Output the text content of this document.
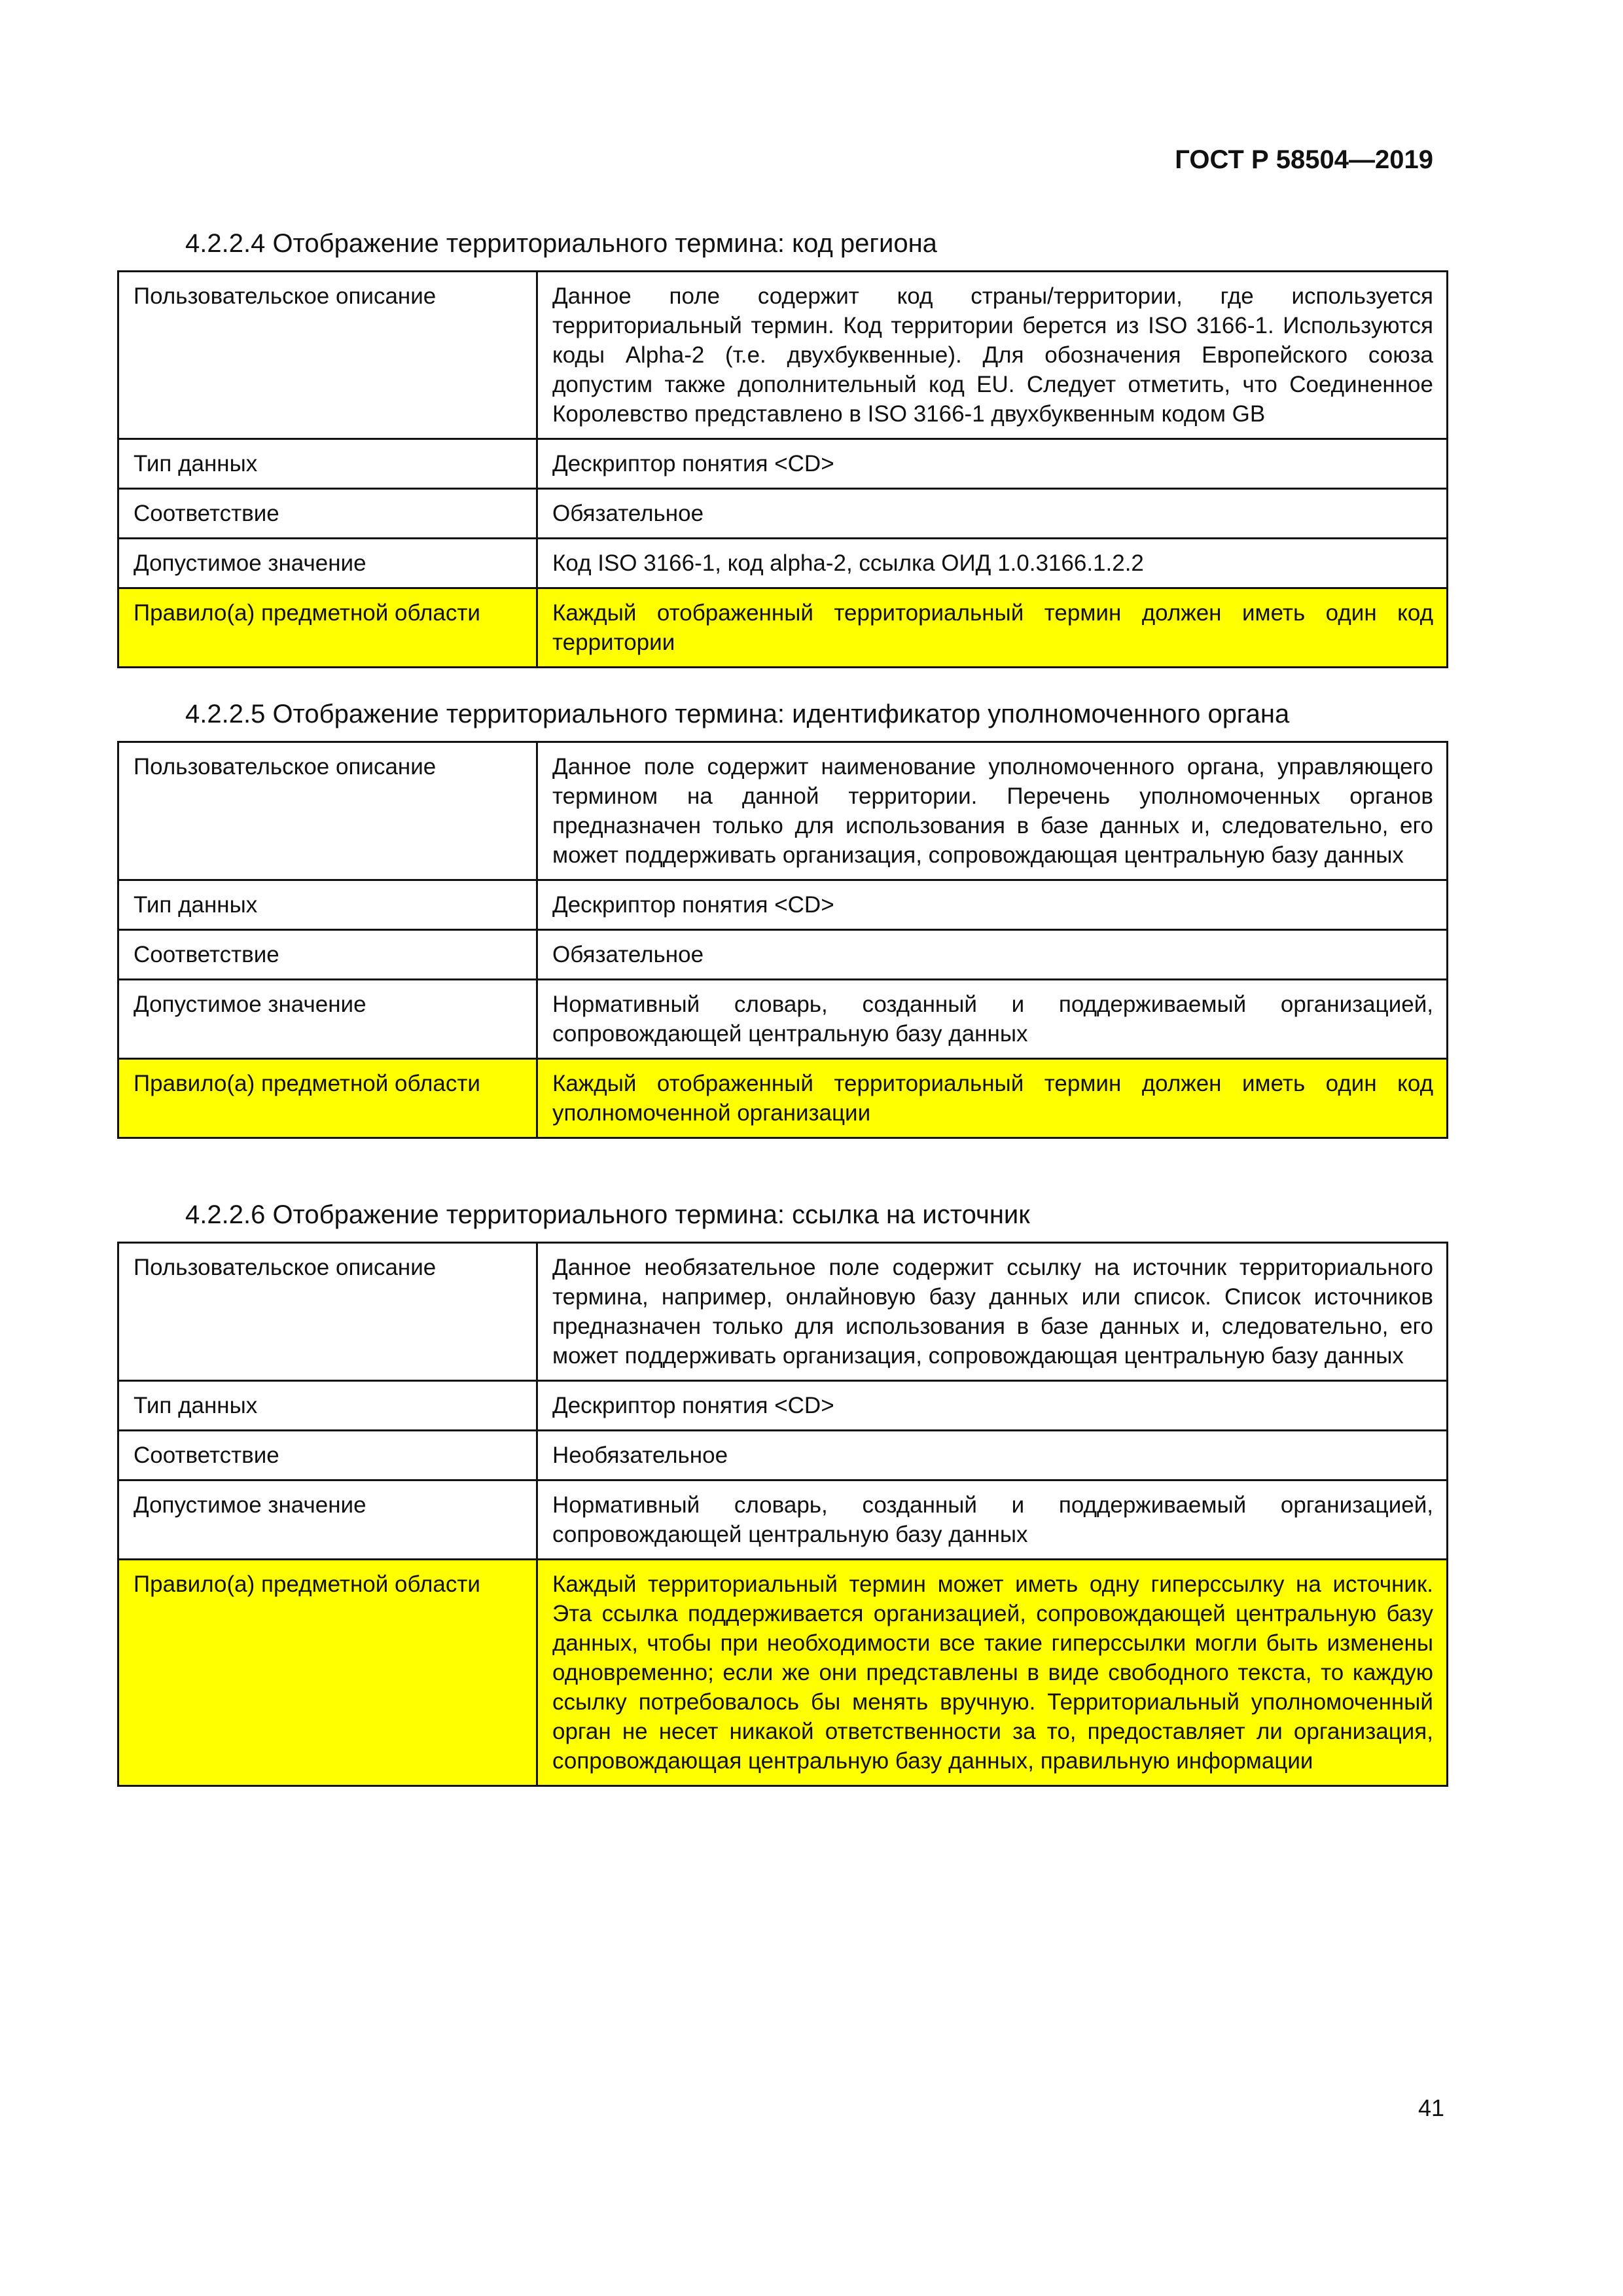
ГОСТ Р 58504—2019
4.2.2.4 Отображение территориального термина: код региона
Пользовательское описание	Данное поле содержит код страны/территории, где используется территориальный термин. Код территории берется из ISO 3166-1. Используются коды Alpha-2 (т.е. двухбуквенные). Для обозначения Европейского союза допустим также дополнительный код EU. Следует отметить, что Соединенное Королевство представлено в ISO 3166-1 двухбуквенным кодом GB
Тип данных	Дескриптор понятия <CD>
Соответствие	Обязательное
Допустимое значение	Код ISO 3166-1, код alpha-2, ссылка ОИД 1.0.3166.1.2.2
Правило(а) предметной области	Каждый отображенный территориальный термин должен иметь один код территории
4.2.2.5 Отображение территориального термина: идентификатор уполномоченного органа
Пользовательское описание	Данное поле содержит наименование уполномоченного органа, управляющего термином на данной территории. Перечень уполномоченных органов предназначен только для использования в базе данных и, следовательно, его может поддерживать организация, сопровождающая центральную базу данных
Тип данных	Дескриптор понятия <CD>
Соответствие	Обязательное
Допустимое значение	Нормативный словарь, созданный и поддерживаемый организацией, сопровождающей центральную базу данных
Правило(а) предметной области	Каждый отображенный территориальный термин должен иметь один код уполномоченной организации
4.2.2.6 Отображение территориального термина: ссылка на источник
Пользовательское описание	Данное необязательное поле содержит ссылку на источник территориального термина, например, онлайновую базу данных или список. Список источников предназначен только для использования в базе данных и, следовательно, его может поддерживать организация, сопровождающая центральную базу данных
Тип данных	Дескриптор понятия <CD>
Соответствие	Необязательное
Допустимое значение	Нормативный словарь, созданный и поддерживаемый организацией, сопровождающей центральную базу данных
Правило(а) предметной области	Каждый территориальный термин может иметь одну гиперссылку на источник. Эта ссылка поддерживается организацией, сопровождающей центральную базу данных, чтобы при необходимости все такие гиперссылки могли быть изменены одновременно; если же они представлены в виде свободного текста, то каждую ссылку потребовалось бы менять вручную. Территориальный уполномоченный орган не несет никакой ответственности за то, предоставляет ли организация, сопровождающая центральную базу данных, правильную информации
41
